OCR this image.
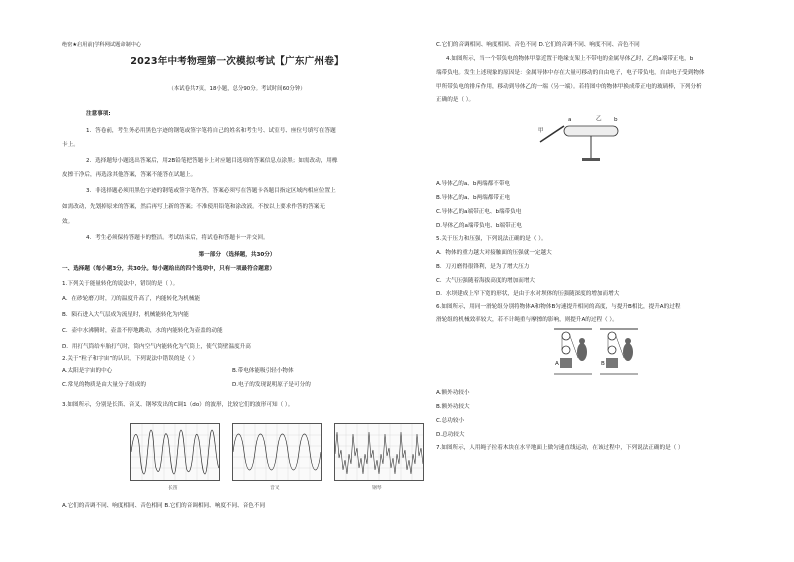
绝密★启用前|学科网试题命制中心
2023年中考物理第一次模拟考试【广东广州卷】
（本试卷共7页，18小题，总分90分。考试时间60分钟）
注意事项:
1．答卷前，考生务必用黑色字迹的钢笔或签字笔将自己的姓名和考生号、试室号、座位号填写在答题
卡上。
2．选择题每小题选出答案后，用2B铅笔把答题卡上对应题目选项的答案信息点涂黑；如需改动，用橡
皮擦干净后，再选涂其他答案，答案不能答在试题上。
3．非选择题必须用黑色字迹的钢笔或签字笔作答，答案必须写在答题卡各题目指定区域内相应位置上
如需改动，先划掉原来的答案，然后再写上新的答案；不准使用铅笔和涂改液。不按以上要求作答的答案无
效。
4．考生必须保持答题卡的整洁。考试结束后，将试卷和答题卡一并交回。
第一部分 （选择题，共30分）
一、选择题（每小题3分，共30分。每小题给出的四个选项中，只有一项最符合题意）
1.下列关于能量转化的说法中，错误的是（ ）。
A．在砂轮磨刀时，刀的温度升高了，内能转化为机械能
B．陨石进入大气层成为流星时，机械能转化为内能
C．壶中水沸腾时，壶盖不停地跳动，水的内能转化为壶盖的动能
D．用打气筒给车胎打气时，筒内空气内能转化为气筒上，使气筒壁温度升高
2.关于“粒子和宇宙”的认识，下列说法中错误的是（ ）
A.太阳是宇宙的中心	B.带电体能吸引轻小物体
C.常见的物质是由大量分子组成的	D.电子的发现说明原子是可分的
3.如图所示，分别是长笛、音叉、钢琴发出的C调1（do）的波形，比较它们的波形可知（ ）。
长笛	音叉	钢琴
A.它们的音调不同、响度相同、音色相同 B.它们的音调相同、响度不同、音色不同
C.它们的音调相同、响度相同、音色不同 D.它们的音调不同、响度不同、音色不同
4.如图所示，当一个带负电的物体甲靠近置于绝缘支架上不带电的金属导体乙时，乙的a端带正电，b
端带负电。发生上述现象的原因是：金属导体中存在大量可移动的自由电子，电子带负电，自由电子受到物体
甲所带负电的排斥作用，移动到导体乙的一端（另一端）。若将图中的物体甲换成带正电的玻璃棒，下列分析
正确的是（ ）。
甲
乙
a	b
A.导体乙的a、b两端都不带电
B.导体乙的a、b两端都带正电
C.导体乙的a端带正电、b端带负电
D.导体乙的a端带负电、b端带正电
5.关于压力和压强，下列说法正确的是（ ）。
A．物体的重力越大对接触面的压强就一定越大
B．刀刃磨得很锋利，是为了增大压力
C．大气压强随着海拔高度的增加而增大
D．水坝建成上窄下宽的形状，是由于水对坝体的压强随深度的增加而增大
6.如图所示，用同一滑轮组分别将物体A和物体B匀速提升相同的高度，与提升B相比，提升A的过程
滑轮组的机械效率较大，若不计绳重与摩擦的影响，则提升A的过程（ ）。
A	B
A.额外功较小
B.额外功较大
C.总功较小
D.总功较大
7.如图所示，人用绳子拉着木块在水平地面上做匀速直线运动，在该过程中，下列说法正确的是（ ）
